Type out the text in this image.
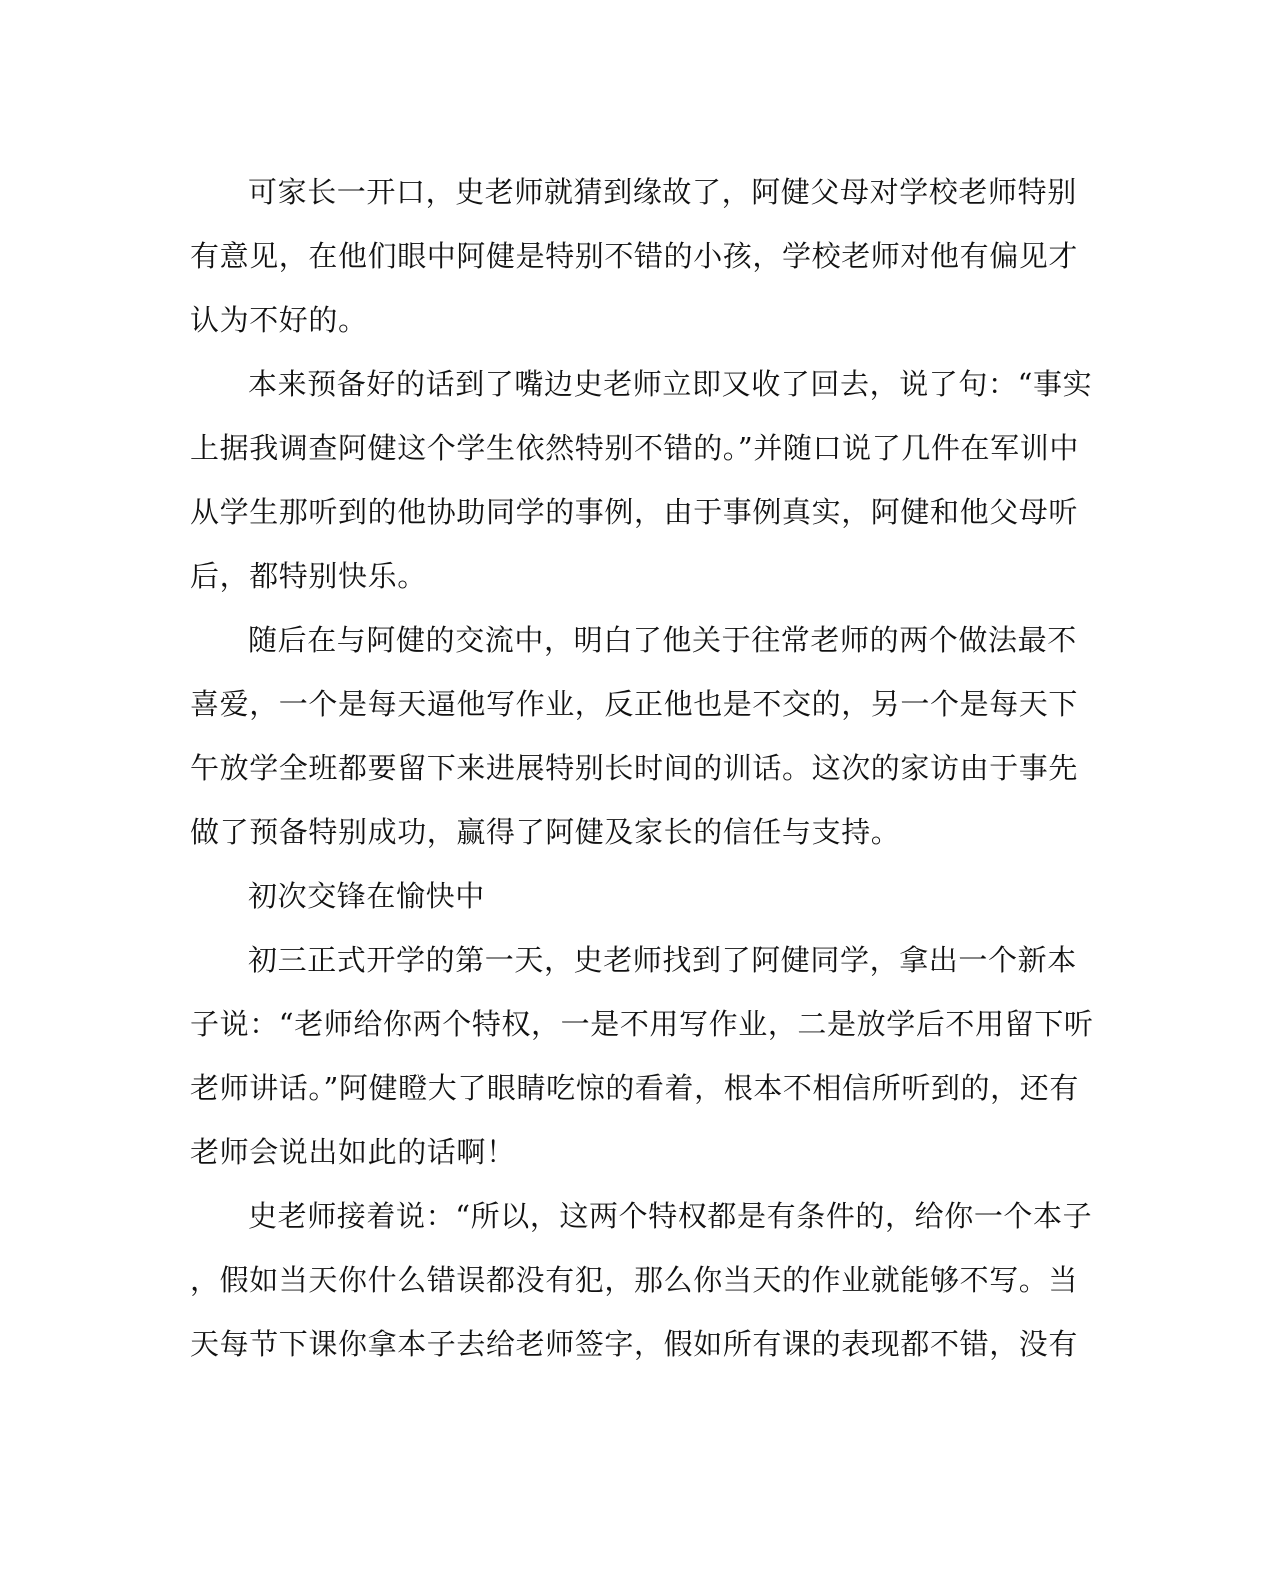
可家长一开口，史老师就猜到缘故了，阿健父母对学校老师特别
有意见，在他们眼中阿健是特别不错的小孩，学校老师对他有偏见才
认为不好的。
本来预备好的话到了嘴边史老师立即又收了回去，说了句：“事实
上据我调查阿健这个学生依然特别不错的。”并随口说了几件在军训中
从学生那听到的他协助同学的事例，由于事例真实，阿健和他父母听
后，都特别快乐。
随后在与阿健的交流中，明白了他关于往常老师的两个做法最不
喜爱，一个是每天逼他写作业，反正他也是不交的，另一个是每天下
午放学全班都要留下来进展特别长时间的训话。这次的家访由于事先
做了预备特别成功，赢得了阿健及家长的信任与支持。
初次交锋在愉快中
初三正式开学的第一天，史老师找到了阿健同学，拿出一个新本
子说：“老师给你两个特权，一是不用写作业，二是放学后不用留下听
老师讲话。”阿健瞪大了眼睛吃惊的看着，根本不相信所听到的，还有
老师会说出如此的话啊！
史老师接着说：“所以，这两个特权都是有条件的，给你一个本子
，假如当天你什么错误都没有犯，那么你当天的作业就能够不写。当
天每节下课你拿本子去给老师签字，假如所有课的表现都不错，没有
